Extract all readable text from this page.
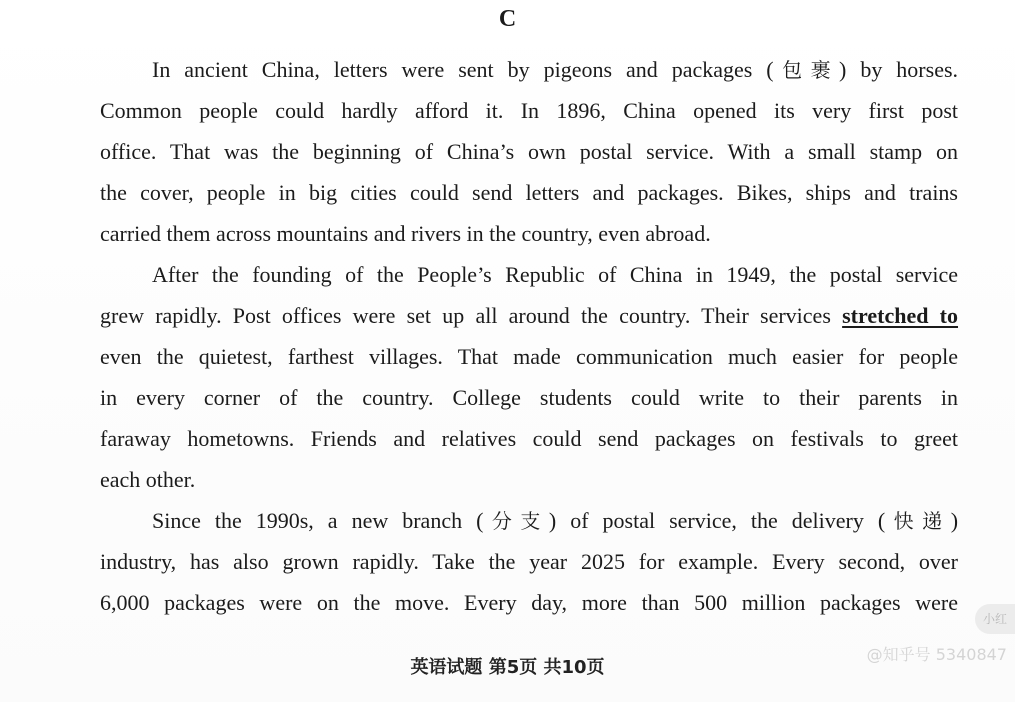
C
In ancient China, letters were sent by pigeons and packages (包裹) by horses.
Common people could hardly afford it. In 1896, China opened its very first post
office. That was the beginning of China’s own postal service. With a small stamp on
the cover, people in big cities could send letters and packages. Bikes, ships and trains
carried them across mountains and rivers in the country, even abroad.
After the founding of the People’s Republic of China in 1949, the postal service
grew rapidly. Post offices were set up all around the country. Their services stretched to
even the quietest, farthest villages. That made communication much easier for people
in every corner of the country. College students could write to their parents in
faraway hometowns. Friends and relatives could send packages on festivals to greet
each other.
Since the 1990s, a new branch (分支) of postal service, the delivery (快递)
industry, has also grown rapidly. Take the year 2025 for example. Every second, over
6,000 packages were on the move. Every day, more than 500 million packages were
英语试题 第5页 共10页
@知乎号 5340847
小红
